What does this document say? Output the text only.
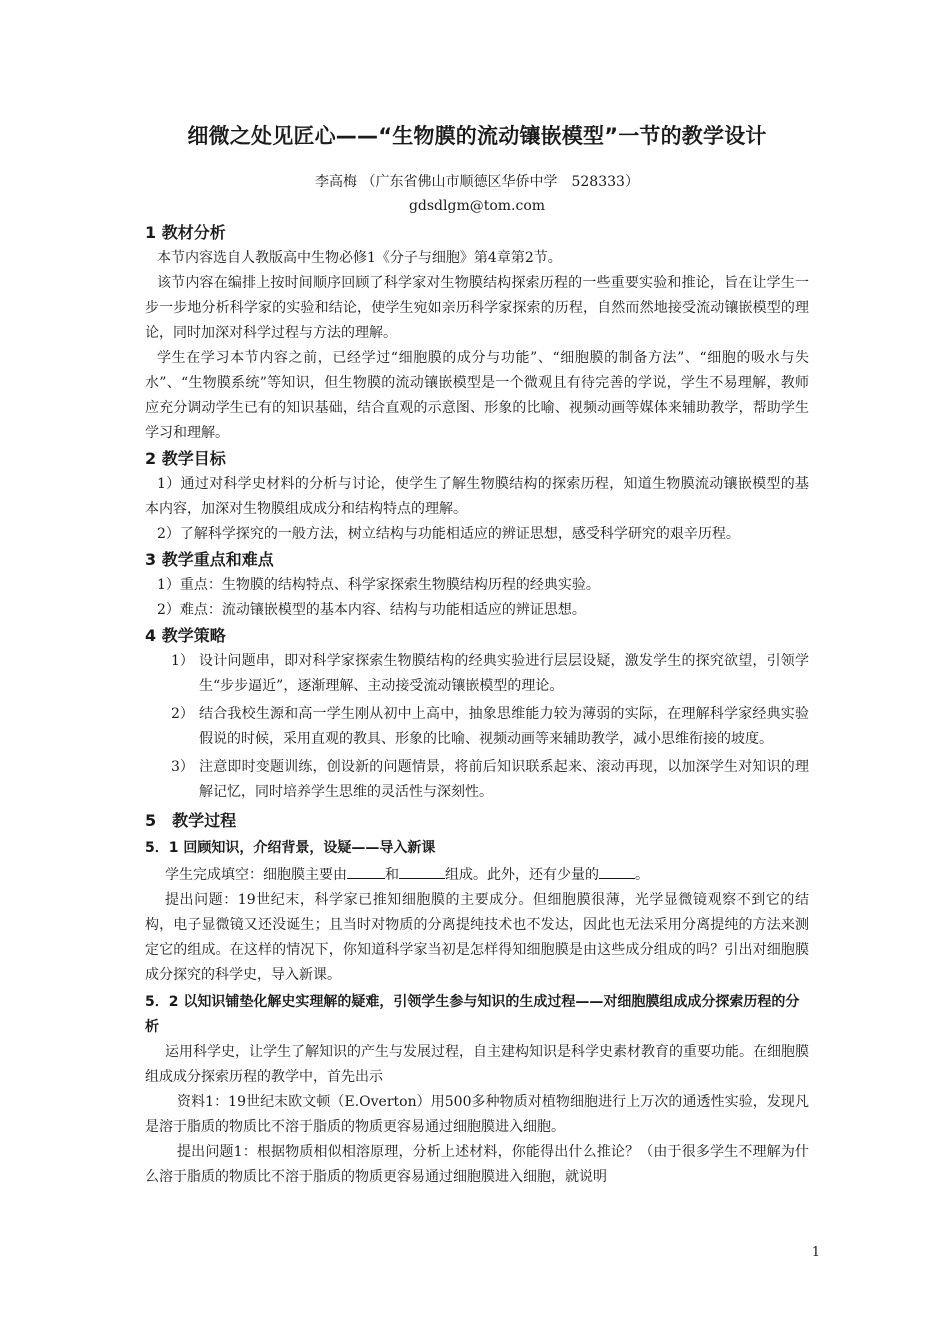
细微之处见匠心——“生物膜的流动镶嵌模型”一节的教学设计
李高梅 （广东省佛山市顺德区华侨中学　528333）
gdsdlgm@tom.com
1 教材分析

本节内容选自人教版高中生物必修1《分子与细胞》第4章第2节。

该节内容在编排上按时间顺序回顾了科学家对生物膜结构探索历程的一些重要实验和推论，旨在让学生一步一步地分析科学家的实验和结论，使学生宛如亲历科学家探索的历程，自然而然地接受流动镶嵌模型的理论，同时加深对科学过程与方法的理解。

学生在学习本节内容之前，已经学过“细胞膜的成分与功能”、“细胞膜的制备方法”、“细胞的吸水与失水”、“生物膜系统”等知识，但生物膜的流动镶嵌模型是一个微观且有待完善的学说，学生不易理解，教师应充分调动学生已有的知识基础，结合直观的示意图、形象的比喻、视频动画等媒体来辅助教学，帮助学生学习和理解。

2 教学目标

1）通过对科学史材料的分析与讨论，使学生了解生物膜结构的探索历程，知道生物膜流动镶嵌模型的基本内容，加深对生物膜组成成分和结构特点的理解。

2）了解科学探究的一般方法，树立结构与功能相适应的辨证思想，感受科学研究的艰辛历程。

3 教学重点和难点

1）重点：生物膜的结构特点、科学家探索生物膜结构历程的经典实验。

2）难点：流动镶嵌模型的基本内容、结构与功能相适应的辨证思想。

4 教学策略
1） 设计问题串，即对科学家探索生物膜结构的经典实验进行层层设疑，激发学生的探究欲望，引领学生“步步逼近”，逐渐理解、主动接受流动镶嵌模型的理论。
2） 结合我校生源和高一学生刚从初中上高中，抽象思维能力较为薄弱的实际，在理解科学家经典实验假说的时候，采用直观的教具、形象的比喻、视频动画等来辅助教学，减小思维衔接的坡度。
3） 注意即时变题训练，创设新的问题情景，将前后知识联系起来、滚动再现，以加深学生对知识的理解记忆，同时培养学生思维的灵活性与深刻性。
5　教学过程
5．1 回顾知识，介绍背景，设疑——导入新课

学生完成填空：细胞膜主要由	和	组成。此外，还有少量的	。

提出问题：19世纪末，科学家已推知细胞膜的主要成分。但细胞膜很薄，光学显微镜观察不到它的结构，电子显微镜又还没诞生；且当时对物质的分离提纯技术也不发达，因此也无法采用分离提纯的方法来测定它的组成。在这样的情况下，你知道科学家当初是怎样得知细胞膜是由这些成分组成的吗？引出对细胞膜成分探究的科学史，导入新课。

5．2 以知识铺垫化解史实理解的疑难，引领学生参与知识的生成过程——对细胞膜组成成分探索历程的分析

运用科学史，让学生了解知识的产生与发展过程，自主建构知识是科学史素材教育的重要功能。在细胞膜组成成分探索历程的教学中，首先出示

资料1：19世纪末欧文顿（E.Overton）用500多种物质对植物细胞进行上万次的通透性实验，发现凡是溶于脂质的物质比不溶于脂质的物质更容易通过细胞膜进入细胞。

提出问题1：根据物质相似相溶原理，分析上述材料，你能得出什么推论？（由于很多学生不理解为什么溶于脂质的物质比不溶于脂质的物质更容易通过细胞膜进入细胞，就说明

1
